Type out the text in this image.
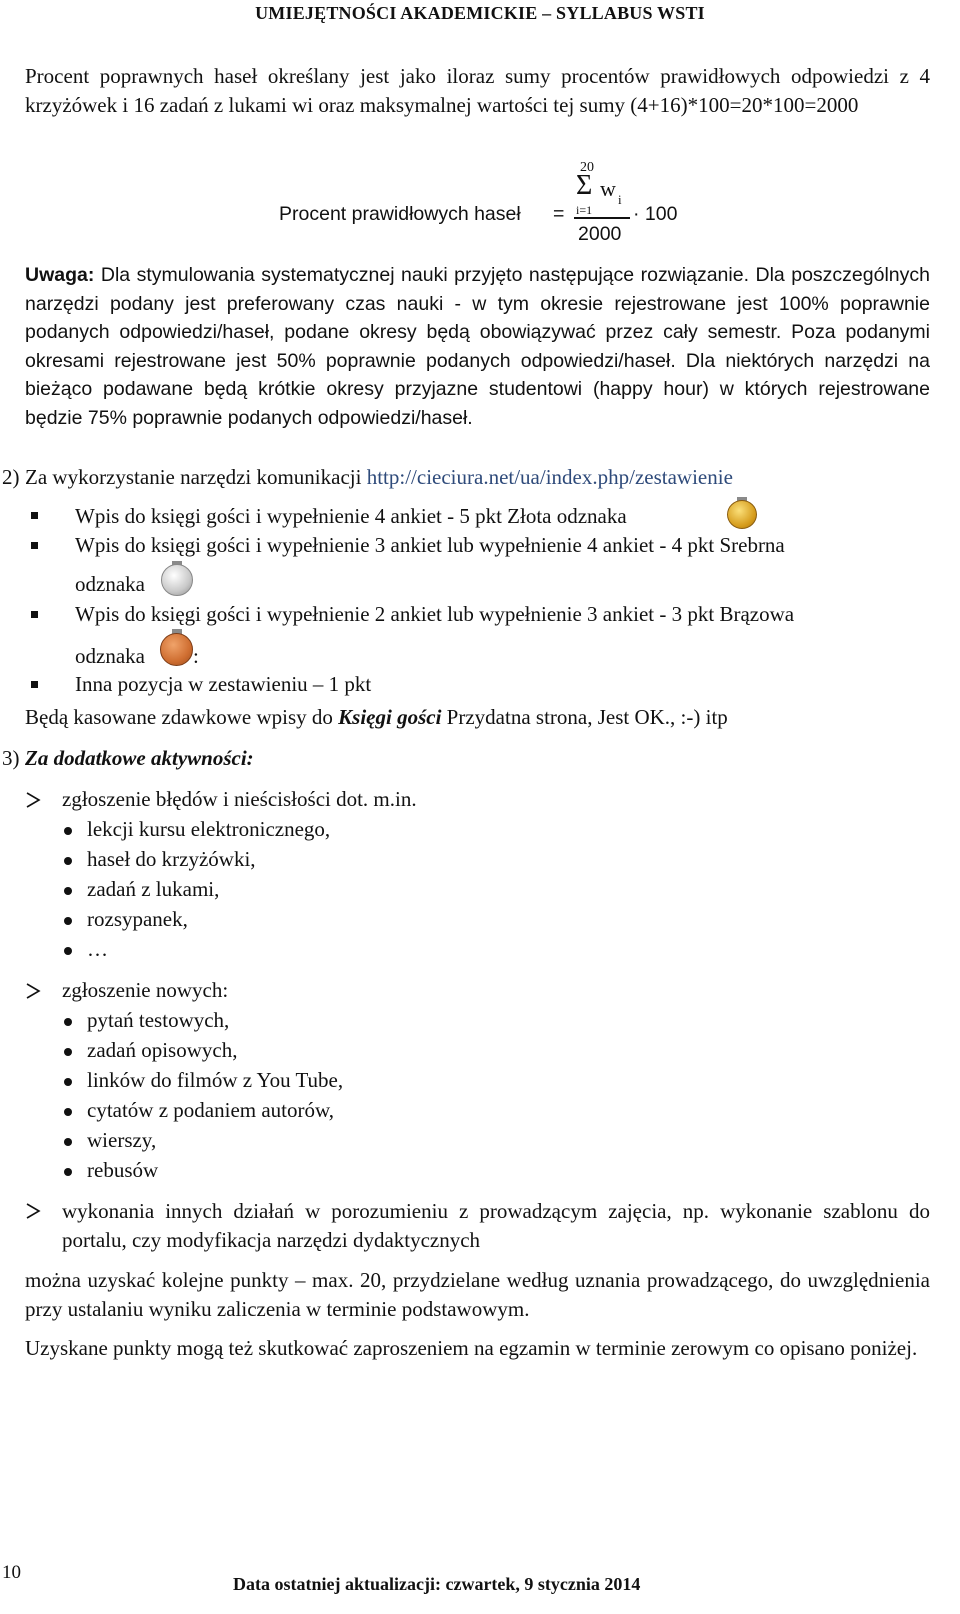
UMIEJĘTNOŚCI AKADEMICKIE – SYLLABUS WSTI

Procent poprawnych haseł określany jest jako iloraz sumy procentów prawidłowych odpowiedzi z 4 krzyżówek i 16 zadań z lukami wi oraz maksymalnej wartości tej sumy (4+16)*100=20*100=2000

Procent prawidłowych haseł =
20
Σ w i
i=1
2000
· 100

Uwaga: Dla stymulowania systematycznej nauki przyjęto następujące rozwiązanie. Dla poszczególnych narzędzi podany jest preferowany czas nauki - w tym okresie rejestrowane jest 100% poprawnie podanych odpowiedzi/haseł, podane okresy będą obowiązywać przez cały semestr. Poza podanymi okresami rejestrowane jest 50% poprawnie podanych odpowiedzi/haseł. Dla niektórych narzędzi na bieżąco podawane będą krótkie okresy przyjazne studentowi (happy hour) w których rejestrowane będzie 75% poprawnie podanych odpowiedzi/haseł.

2) Za wykorzystanie narzędzi komunikacji http://cieciura.net/ua/index.php/zestawienie
Wpis do księgi gości i wypełnienie 4 ankiet - 5 pkt Złota odznaka
Wpis do księgi gości i wypełnienie 3 ankiet lub wypełnienie 4 ankiet - 4 pkt Srebrna
odznaka
Wpis do księgi gości i wypełnienie 2 ankiet lub wypełnienie 3 ankiet - 3 pkt Brązowa
odznaka :
Inna pozycja w zestawieniu – 1 pkt
Będą kasowane zdawkowe wpisy do Księgi gości Przydatna strona, Jest OK., :-) itp
3) Za dodatkowe aktywności:
zgłoszenie błędów i nieścisłości dot. m.in.
lekcji kursu elektronicznego,
haseł do krzyżówki,
zadań z lukami,
rozsypanek,
…
zgłoszenie nowych:
pytań testowych,
zadań opisowych,
linków do filmów z You Tube,
cytatów z podaniem autorów,
wierszy,
rebusów

wykonania innych działań w porozumieniu z prowadzącym zajęcia, np. wykonanie szablonu do portalu, czy modyfikacja narzędzi dydaktycznych

można uzyskać kolejne punkty – max. 20, przydzielane według uznania prowadzącego, do uwzględnienia przy ustalaniu wyniku zaliczenia w terminie podstawowym.

Uzyskane punkty mogą też skutkować zaproszeniem na egzamin w terminie zerowym co opisano poniżej.

10
Data ostatniej aktualizacji: czwartek, 9 stycznia 2014
